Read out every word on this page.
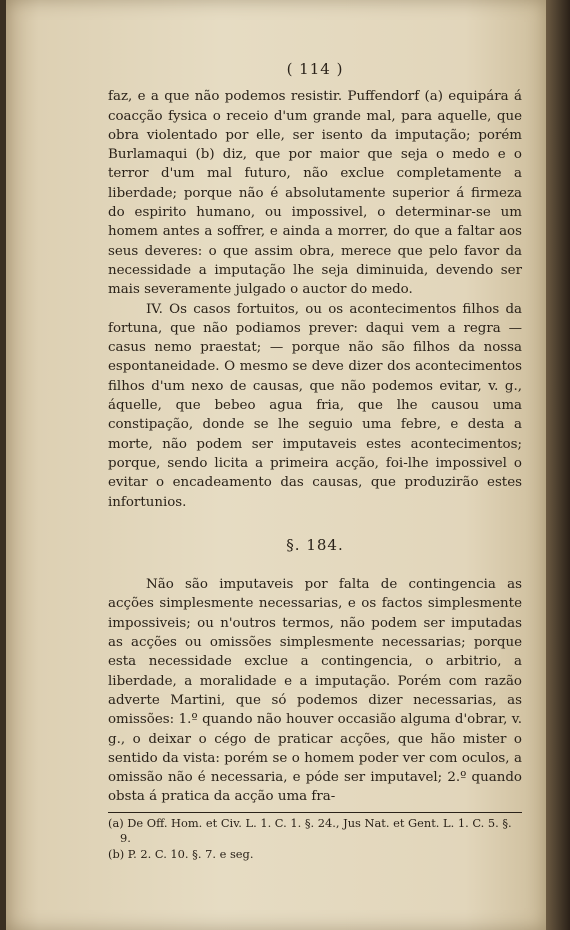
( 114 )

faz, e a que não podemos resistir. Puffendorf (a) equipára á coacção fysica o receio d'um grande mal, para aquelle, que obra violentado por elle, ser isento da imputação; porém Burlamaqui (b) diz, que por maior que seja o medo e o terror d'um mal futuro, não exclue completamente a liberdade; porque não é absolutamente superior á firmeza do espirito humano, ou impossivel, o determinar-se um homem antes a soffrer, e ainda a morrer, do que a faltar aos seus deveres: o que assim obra, merece que pelo favor da necessidade a imputação lhe seja diminuida, devendo ser mais severamente julgado o auctor do medo.

IV. Os casos fortuitos, ou os acontecimentos filhos da fortuna, que não podiamos prever: daqui vem a regra — casus nemo praestat; — porque não são filhos da nossa espontaneidade. O mesmo se deve dizer dos acontecimentos filhos d'um nexo de causas, que não podemos evitar, v. g., áquelle, que bebeo agua fria, que lhe causou uma constipação, donde se lhe seguio uma febre, e desta a morte, não podem ser imputaveis estes acontecimentos; porque, sendo licita a primeira acção, foi-lhe impossivel o evitar o encadeamento das causas, que produzirão estes infortunios.

§. 184.

Não são imputaveis por falta de contingencia as acções simplesmente necessarias, e os factos simplesmente impossiveis; ou n'outros termos, não podem ser imputadas as acções ou omissões simplesmente necessarias; porque esta necessidade exclue a contingencia, o arbitrio, a liberdade, a moralidade e a imputação. Porém com razão adverte Martini, que só podemos dizer necessarias, as omissões: 1.º quando não houver occasião alguma d'obrar, v. g., o deixar o cégo de praticar acções, que hão mister o sentido da vista: porém se o homem poder ver com oculos, a omissão não é necessaria, e póde ser imputavel; 2.º quando obsta á pratica da acção uma fra-

(a) De Off. Hom. et Civ. L. 1. C. 1. §. 24., Jus Nat. et Gent. L. 1. C. 5. §. 9.

(b) P. 2. C. 10. §. 7. e seg.
